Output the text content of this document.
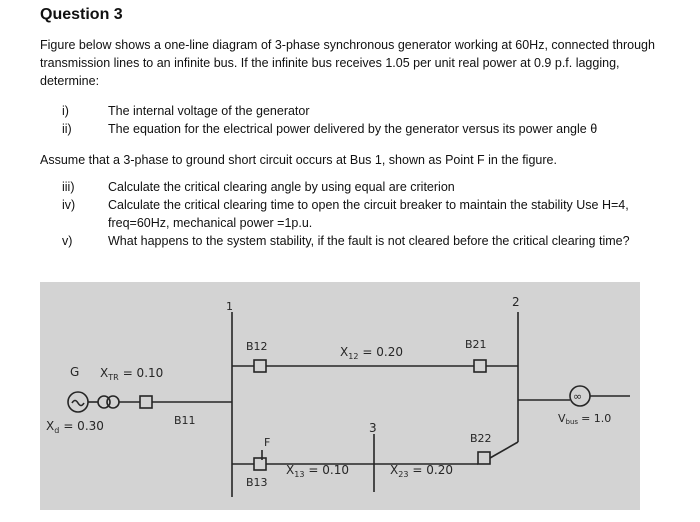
Question 3

Figure below shows a one-line diagram of 3-phase synchronous generator working at 60Hz, connected through transmission lines to an infinite bus. If the infinite bus receives 1.05 per unit real power at 0.9 p.f. lagging, determine:

i)	The internal voltage of the generator
ii)	The equation for the electrical power delivered by the generator versus its power angle θ

Assume that a 3-phase to ground short circuit occurs at Bus 1, shown as Point F in the figure.

iii)	Calculate the critical clearing angle by using equal are criterion
iv)	Calculate the critical clearing time to open the circuit breaker to maintain the stability Use H=4, freq=60Hz, mechanical power =1p.u.
v)	What happens to the system stability, if the fault is not cleared before the critical clearing time?
1	2
3
G $X_{TR} = 0.10$
$X_d = 0.30$
B12	B21
B11
B22
B13
$X_{12} = 0.20$
$X_{13} = 0.10$	$X_{23} = 0.20$
F
∞
Vbus = 1.0
